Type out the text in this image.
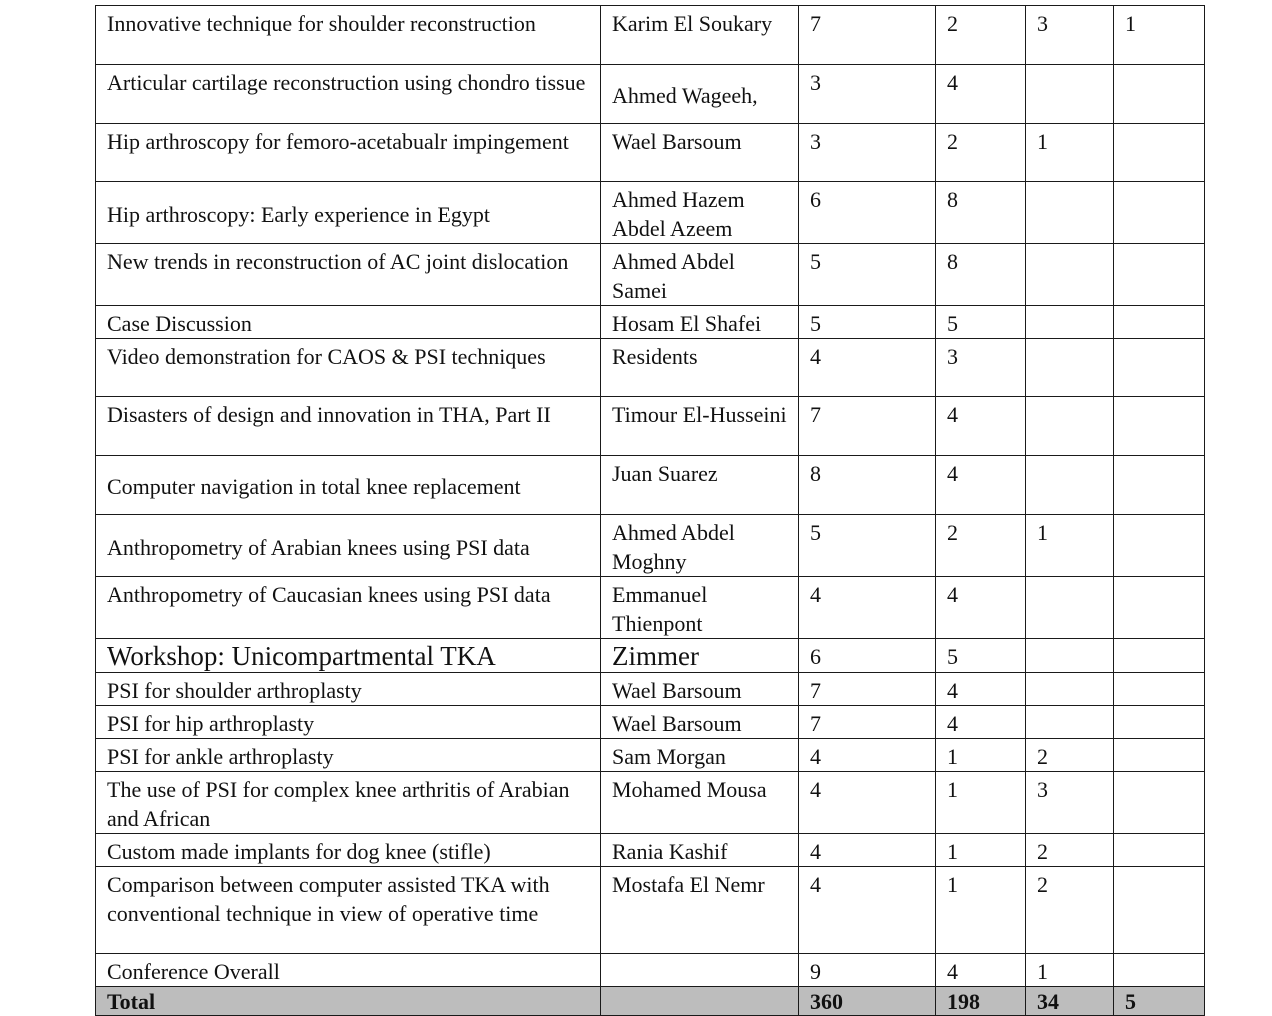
Innovative technique for shoulder reconstruction	Karim El Soukary	7	2	3	1
Articular cartilage reconstruction using chondro tissue	Ahmed Wageeh,	3	4		
Hip arthroscopy for femoro-acetabualr impingement	Wael Barsoum	3	2	1	
Hip arthroscopy: Early experience in Egypt	Ahmed Hazem Abdel Azeem	6	8		
New trends in reconstruction of AC joint dislocation	Ahmed Abdel Samei	5	8		
Case Discussion	Hosam El Shafei	5	5		
Video demonstration for CAOS & PSI techniques	Residents	4	3		
Disasters of design and innovation in THA, Part II	Timour El-Husseini	7	4		
Computer navigation in total knee replacement	Juan Suarez	8	4		
Anthropometry of Arabian knees using PSI data	Ahmed Abdel Moghny	5	2	1	
Anthropometry of Caucasian knees using PSI data	Emmanuel Thienpont	4	4		
Workshop: Unicompartmental TKA	Zimmer	6	5		
PSI for shoulder arthroplasty	Wael Barsoum	7	4		
PSI for hip arthroplasty	Wael Barsoum	7	4		
PSI for ankle arthroplasty	Sam Morgan	4	1	2	
The use of PSI for complex knee arthritis of Arabian and African	Mohamed Mousa	4	1	3	
Custom made implants for dog knee (stifle)	Rania Kashif	4	1	2	
Comparison between computer assisted TKA with conventional technique in view of operative time	Mostafa El Nemr	4	1	2	
Conference Overall		9	4	1	
Total		360	198	34	5
